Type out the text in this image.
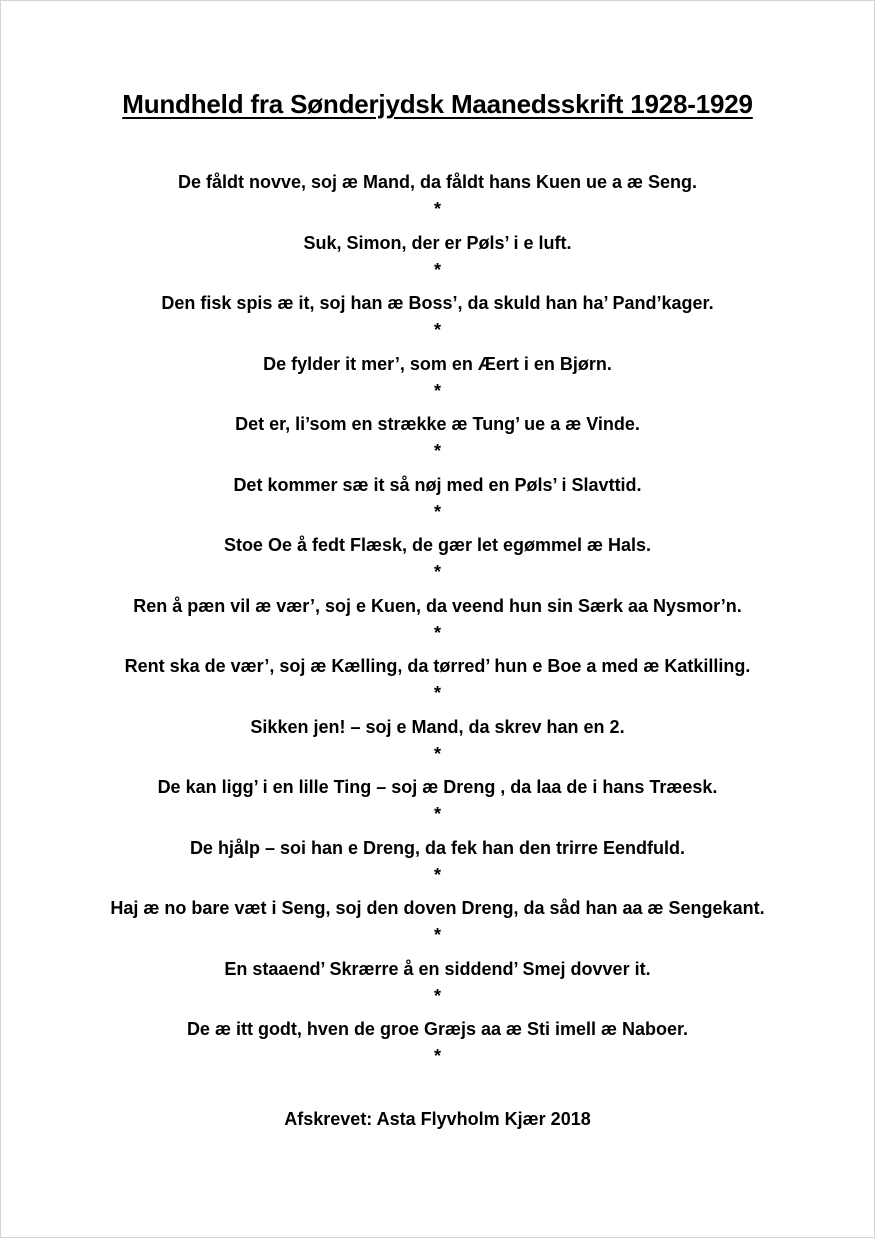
Mundheld fra Sønderjydsk Maanedsskrift 1928-1929
De fåldt novve, soj æ Mand, da fåldt hans Kuen ue a æ Seng.
*
Suk, Simon, der er Pøls’ i e luft.
*
Den fisk spis æ it, soj han æ Boss’, da skuld han ha’ Pand’kager.
*
De fylder it mer’, som en Æert i en Bjørn.
*
Det er, li’som en strække æ Tung’ ue a æ Vinde.
*
Det kommer sæ it så nøj med en Pøls’ i Slavttid.
*
Stoe Oe å fedt Flæsk, de gær let egømmel æ Hals.
*
Ren å pæn vil æ vær’, soj e Kuen, da veend hun sin Særk aa Nysmor’n.
*
Rent ska de vær’, soj æ Kælling, da tørred’ hun e Boe a med æ Katkilling.
*
Sikken jen! – soj e Mand, da skrev han en 2.
*
De kan ligg’ i en lille Ting – soj æ Dreng , da laa de i hans Træesk.
*
De hjålp – soi han e Dreng, da fek han den trirre Eendfuld.
*
Haj æ no bare væt i Seng, soj den doven Dreng, da såd han aa æ Sengekant.
*
En staaend’ Skrærre å en siddend’ Smej dovver it.
*
De æ itt godt, hven de groe Græjs aa æ Sti imell æ Naboer.
*
Afskrevet: Asta Flyvholm Kjær 2018
